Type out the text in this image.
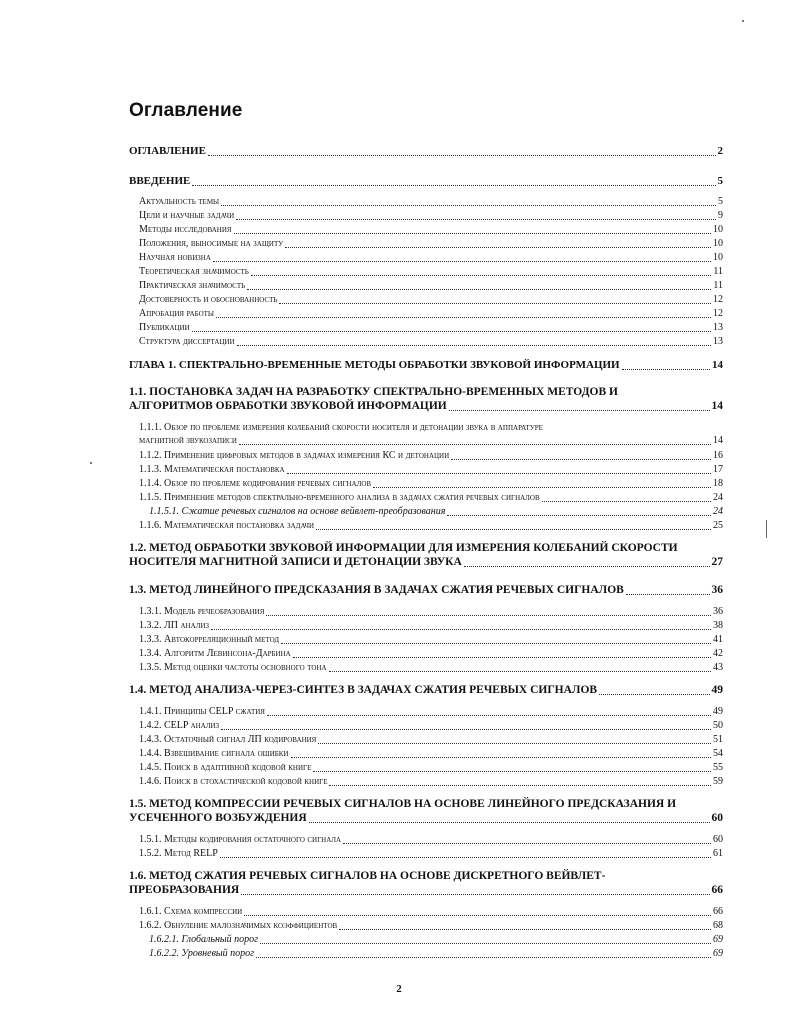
Оглавление
ОГЛАВЛЕНИЕ	2
ВВЕДЕНИЕ	5
Актуальность темы	5
Цели и научные задачи	9
Методы исследования	10
Положения, выносимые на защиту	10
Научная новизна	10
Теоретическая значимость	11
Практическая значимость	11
Достоверность и обоснованность	12
Апробация работы	12
Публикации	13
Структура диссертации	13
ГЛАВА 1. СПЕКТРАЛЬНО-ВРЕМЕННЫЕ МЕТОДЫ ОБРАБОТКИ ЗВУКОВОЙ ИНФОРМАЦИИ	14
1.1. ПОСТАНОВКА ЗАДАЧ НА РАЗРАБОТКУ СПЕКТРАЛЬНО-ВРЕМЕННЫХ МЕТОДОВ И
АЛГОРИТМОВ ОБРАБОТКИ ЗВУКОВОЙ ИНФОРМАЦИИ	14
1.1.1. Обзор по проблеме измерения колебаний скорости носителя и детонации звука в аппаратуре
магнитной звукозаписи	14
1.1.2. Применение цифровых методов в задачах измерения КС и детонации	16
1.1.3. Математическая постановка	17
1.1.4. Обзор по проблеме кодирования речевых сигналов	18
1.1.5. Применение методов спектрально-временного анализа в задачах сжатия речевых сигналов	24
1.1.5.1. Сжатие речевых сигналов на основе вейвлет-преобразования	24
1.1.6. Математическая постановка задачи	25
1.2. МЕТОД ОБРАБОТКИ ЗВУКОВОЙ ИНФОРМАЦИИ ДЛЯ ИЗМЕРЕНИЯ КОЛЕБАНИЙ СКОРОСТИ
НОСИТЕЛЯ МАГНИТНОЙ ЗАПИСИ И ДЕТОНАЦИИ ЗВУКА	27
1.3. МЕТОД ЛИНЕЙНОГО ПРЕДСКАЗАНИЯ В ЗАДАЧАХ СЖАТИЯ РЕЧЕВЫХ СИГНАЛОВ	36
1.3.1. Модель речеобразования	36
1.3.2. ЛП анализ	38
1.3.3. Автокорреляционный метод	41
1.3.4. Алгоритм Левинсона-Дарбина	42
1.3.5. Метод оценки частоты основного тона	43
1.4. МЕТОД АНАЛИЗА-ЧЕРЕЗ-СИНТЕЗ В ЗАДАЧАХ СЖАТИЯ РЕЧЕВЫХ СИГНАЛОВ	49
1.4.1. Принципы CELP сжатия	49
1.4.2. CELP анализ	50
1.4.3. Остаточный сигнал ЛП кодирования	51
1.4.4. Взвешивание сигнала ошибки	54
1.4.5. Поиск в адаптивной кодовой книге	55
1.4.6. Поиск в стохастической кодовой книге	59
1.5. МЕТОД КОМПРЕССИИ РЕЧЕВЫХ СИГНАЛОВ НА ОСНОВЕ ЛИНЕЙНОГО ПРЕДСКАЗАНИЯ И
УСЕЧЕННОГО ВОЗБУЖДЕНИЯ	60
1.5.1. Методы кодирования остаточного сигнала	60
1.5.2. Метод RELP	61
1.6. МЕТОД СЖАТИЯ РЕЧЕВЫХ СИГНАЛОВ НА ОСНОВЕ ДИСКРЕТНОГО ВЕЙВЛЕТ-
ПРЕОБРАЗОВАНИЯ	66
1.6.1. Схема компрессии	66
1.6.2. Обнуление малозначимых коэффициентов	68
1.6.2.1. Глобальный порог	69
1.6.2.2. Уровневый порог	69
2
